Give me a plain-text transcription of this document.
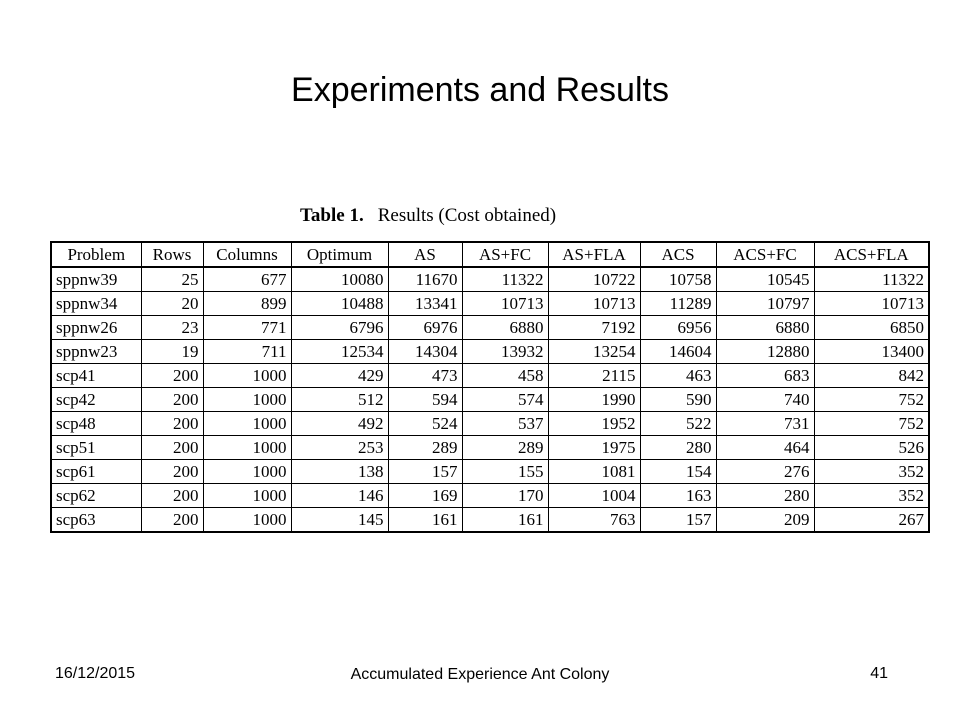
Experiments and Results
Table 1. Results (Cost obtained)
Problem	Rows	Columns	Optimum	AS	AS+FC	AS+FLA	ACS	ACS+FC	ACS+FLA
sppnw39	25	677	10080	11670	11322	10722	10758	10545	11322
sppnw34	20	899	10488	13341	10713	10713	11289	10797	10713
sppnw26	23	771	6796	6976	6880	7192	6956	6880	6850
sppnw23	19	711	12534	14304	13932	13254	14604	12880	13400
scp41	200	1000	429	473	458	2115	463	683	842
scp42	200	1000	512	594	574	1990	590	740	752
scp48	200	1000	492	524	537	1952	522	731	752
scp51	200	1000	253	289	289	1975	280	464	526
scp61	200	1000	138	157	155	1081	154	276	352
scp62	200	1000	146	169	170	1004	163	280	352
scp63	200	1000	145	161	161	763	157	209	267
16/12/2015	Accumulated Experience Ant Colony	41
